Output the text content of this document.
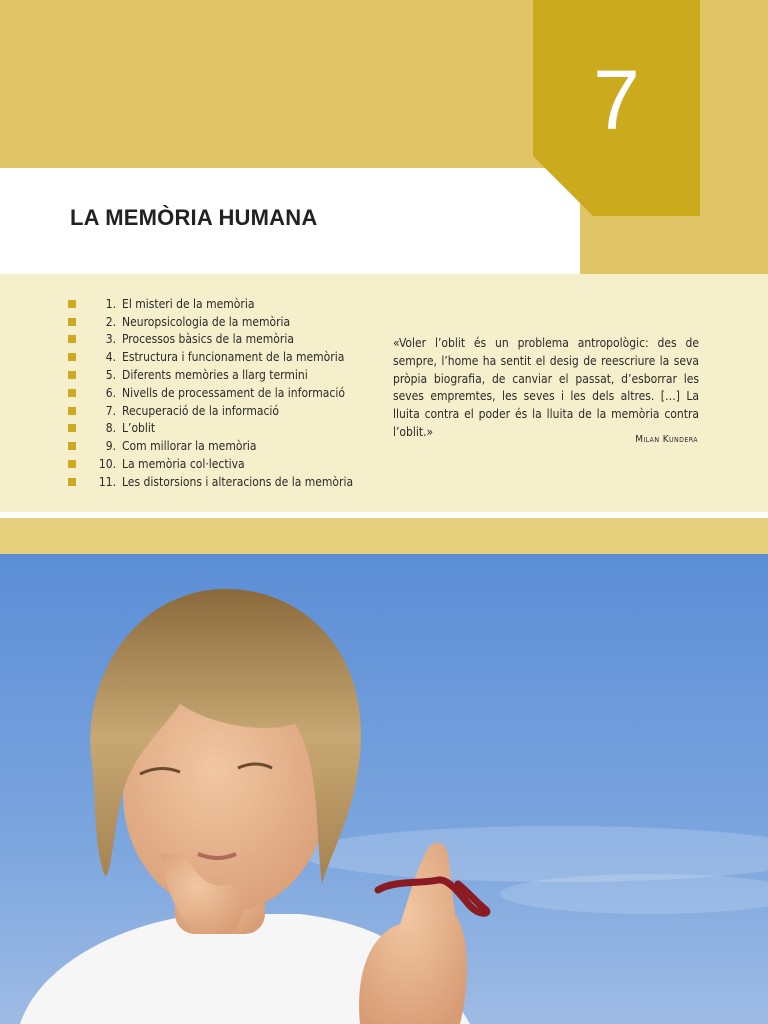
7
LA MEMÒRIA HUMANA
1. El misteri de la memòria
2. Neuropsicologia de la memòria
3. Processos bàsics de la memòria
4. Estructura i funcionament de la memòria
5. Diferents memòries a llarg termini
6. Nivells de processament de la informació
7. Recuperació de la informació
8. L’oblit
9. Com millorar la memòria
10. La memòria col·lectiva
11. Les distorsions i alteracions de la memòria

«Voler l’oblit és un problema antropològic: des de sempre, l’home ha sentit el desig de reescriure la seva pròpia biografia, de canviar el passat, d’esborrar les seves empremtes, les seves i les dels altres. […] La lluita contra el poder és la lluita de la memòria contra l’oblit.»

Milan Kundera
